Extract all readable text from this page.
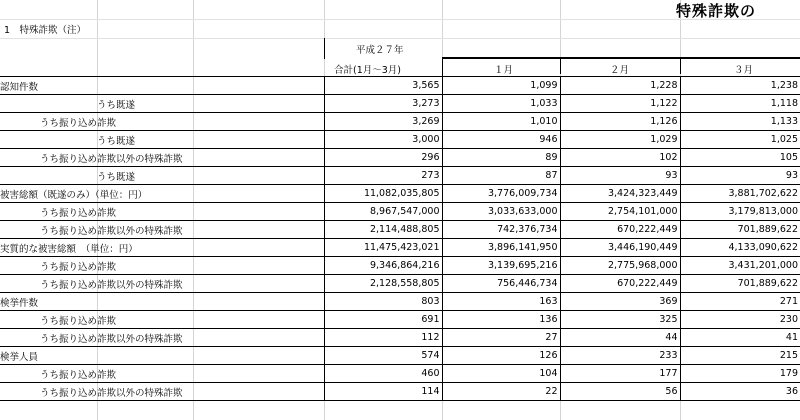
特殊詐欺の
1　特殊詐欺（注）
平成２７年
合計(1月～3月)	１月	２月	３月
認知件数	3,565	1,099	1,228	1,238
うち既遂	3,273	1,033	1,122	1,118
うち振り込め詐欺	3,269	1,010	1,126	1,133
うち既遂	3,000	946	1,029	1,025
うち振り込め詐欺以外の特殊詐欺	296	89	102	105
うち既遂	273	87	93	93
被害総額（既遂のみ）（単位：円）	11,082,035,805	3,776,009,734	3,424,323,449	3,881,702,622
うち振り込め詐欺	8,967,547,000	3,033,633,000	2,754,101,000	3,179,813,000
うち振り込め詐欺以外の特殊詐欺	2,114,488,805	742,376,734	670,222,449	701,889,622
実質的な被害総額　（単位：円）	11,475,423,021	3,896,141,950	3,446,190,449	4,133,090,622
うち振り込め詐欺	9,346,864,216	3,139,695,216	2,775,968,000	3,431,201,000
うち振り込め詐欺以外の特殊詐欺	2,128,558,805	756,446,734	670,222,449	701,889,622
検挙件数	803	163	369	271
うち振り込め詐欺	691	136	325	230
うち振り込め詐欺以外の特殊詐欺	112	27	44	41
検挙人員	574	126	233	215
うち振り込め詐欺	460	104	177	179
うち振り込め詐欺以外の特殊詐欺	114	22	56	36
